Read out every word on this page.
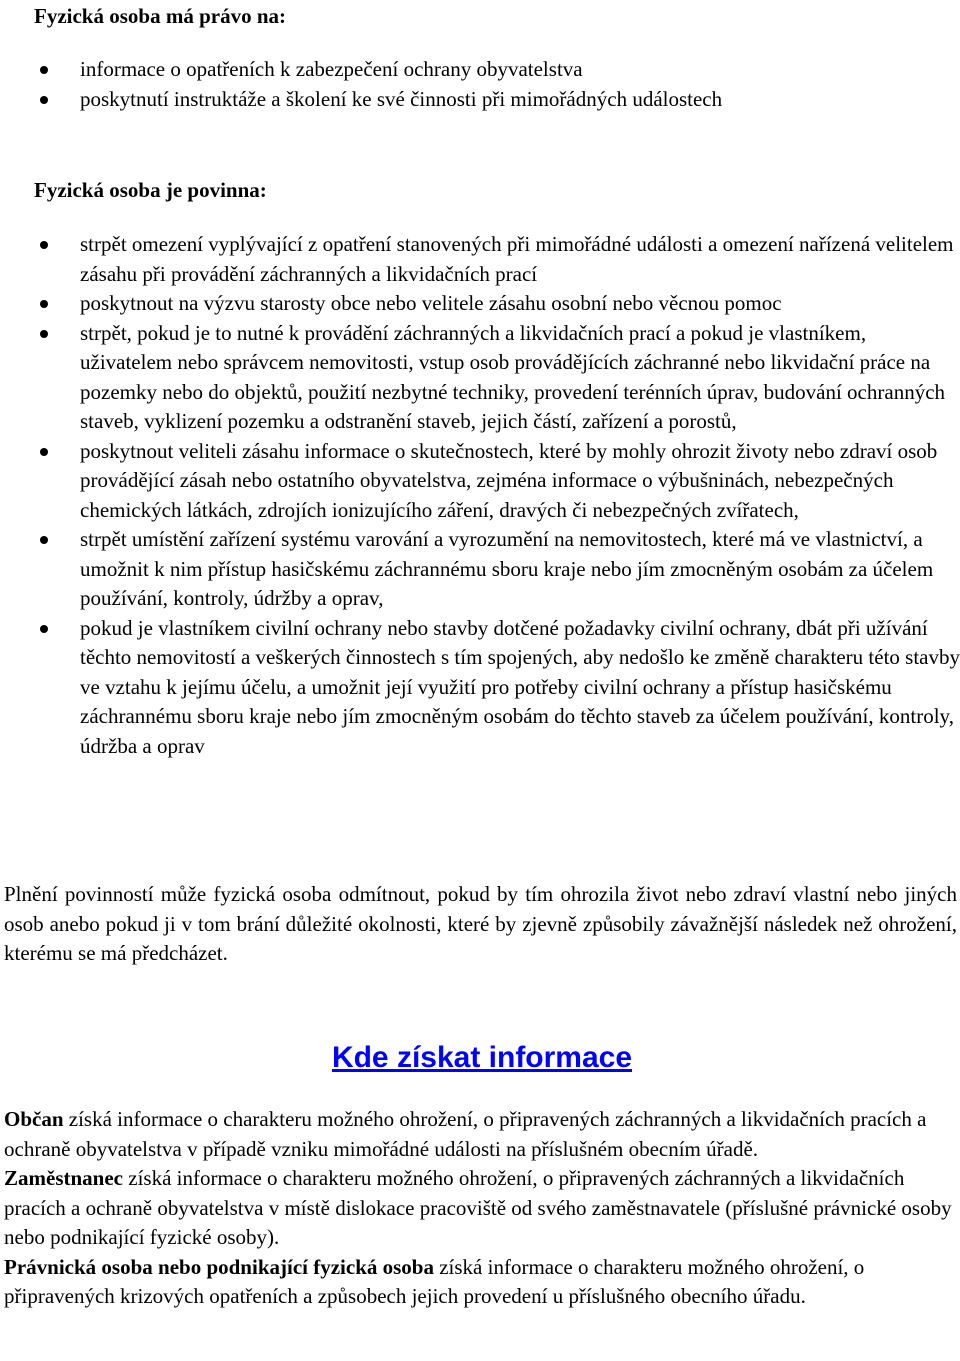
Fyzická osoba má právo na:
informace o opatřeních k zabezpečení ochrany obyvatelstva
poskytnutí instruktáže a školení ke své činnosti při mimořádných událostech
Fyzická osoba je povinna:
strpět omezení vyplývající z opatření stanovených při mimořádné události a omezení nařízená velitelem zásahu při provádění záchranných a likvidačních prací
poskytnout na výzvu starosty obce nebo velitele zásahu osobní nebo věcnou pomoc
strpět, pokud je to nutné k provádění záchranných a likvidačních prací a pokud je vlastníkem, uživatelem nebo správcem nemovitosti, vstup osob provádějících záchranné nebo likvidační práce na pozemky nebo do objektů, použití nezbytné techniky, provedení terénních úprav, budování ochranných staveb, vyklizení pozemku a odstranění staveb, jejich částí, zařízení a porostů,
poskytnout veliteli zásahu informace o skutečnostech, které by mohly ohrozit životy nebo zdraví osob provádějící zásah nebo ostatního obyvatelstva, zejména informace o výbušninách, nebezpečných chemických látkách, zdrojích ionizujícího záření, dravých či nebezpečných zvířatech,
strpět umístění zařízení systému varování a vyrozumění na nemovitostech, které má ve vlastnictví, a umožnit k nim přístup hasičskému záchrannému sboru kraje nebo jím zmocněným osobám za účelem používání, kontroly, údržby a oprav,
pokud je vlastníkem civilní ochrany nebo stavby dotčené požadavky civilní ochrany, dbát při užívání těchto nemovitostí a veškerých činnostech s tím spojených, aby nedošlo ke změně charakteru této stavby ve vztahu k jejímu účelu, a umožnit její využití pro potřeby civilní ochrany a přístup hasičskému záchrannému sboru kraje nebo jím zmocněným osobám do těchto staveb za účelem používání, kontroly, údržba a oprav
Plnění povinností může fyzická osoba odmítnout, pokud by tím ohrozila život nebo zdraví vlastní nebo jiných osob anebo pokud ji v tom brání důležité okolnosti, které by zjevně způsobily závažnější následek než ohrožení, kterému se má předcházet.
Kde získat informace

Občan získá informace o charakteru možného ohrožení, o připravených záchranných a likvidačních pracích a ochraně obyvatelstva v případě vzniku mimořádné události na příslušném obecním úřadě.

Zaměstnanec získá informace o charakteru možného ohrožení, o připravených záchranných a likvidačních pracích a ochraně obyvatelstva v místě dislokace pracoviště od svého zaměstnavatele (příslušné právnické osoby nebo podnikající fyzické osoby).

Právnická osoba nebo podnikající fyzická osoba získá informace o charakteru možného ohrožení, o připravených krizových opatřeních a způsobech jejich provedení u příslušného obecního úřadu.
